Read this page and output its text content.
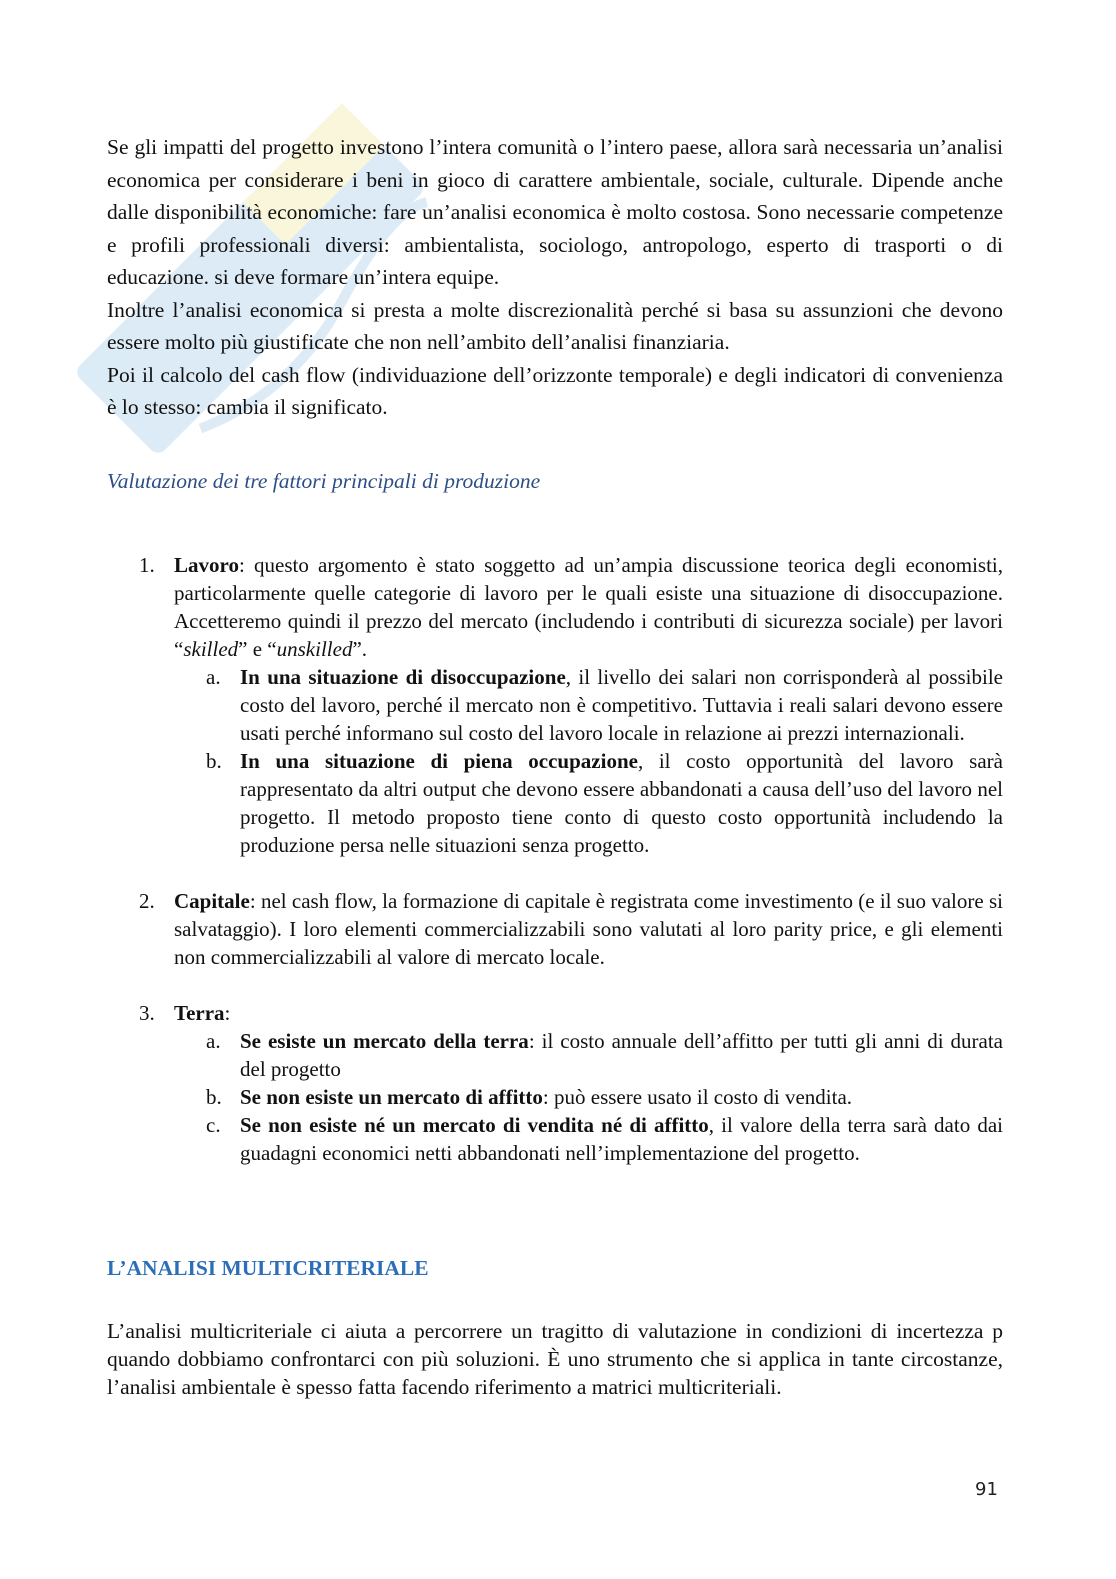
Se gli impatti del progetto investono l’intera comunità o l’intero paese, allora sarà necessaria un’analisi economica per considerare i beni in gioco di carattere ambientale, sociale, culturale. Dipende anche dalle disponibilità economiche: fare un’analisi economica è molto costosa. Sono necessarie competenze e profili professionali diversi: ambientalista, sociologo, antropologo, esperto di trasporti o di educazione. si deve formare un’intera equipe.

Inoltre l’analisi economica si presta a molte discrezionalità perché si basa su assunzioni che devono essere molto più giustificate che non nell’ambito dell’analisi finanziaria.

Poi il calcolo del cash flow (individuazione dell’orizzonte temporale) e degli indicatori di convenienza è lo stesso: cambia il significato.

Valutazione dei tre fattori principali di produzione

1. Lavoro: questo argomento è stato soggetto ad un’ampia discussione teorica degli economisti, particolarmente quelle categorie di lavoro per le quali esiste una situazione di disoccupazione. Accetteremo quindi il prezzo del mercato (includendo i contributi di sicurezza sociale) per lavori “skilled” e “unskilled”.
a. In una situazione di disoccupazione, il livello dei salari non corrisponderà al possibile costo del lavoro, perché il mercato non è competitivo. Tuttavia i reali salari devono essere usati perché informano sul costo del lavoro locale in relazione ai prezzi internazionali.
b. In una situazione di piena occupazione, il costo opportunità del lavoro sarà rappresentato da altri output che devono essere abbandonati a causa dell’uso del lavoro nel progetto. Il metodo proposto tiene conto di questo costo opportunità includendo la produzione persa nelle situazioni senza progetto.
2. Capitale: nel cash flow, la formazione di capitale è registrata come investimento (e il suo valore si salvataggio). I loro elementi commercializzabili sono valutati al loro parity price, e gli elementi non commercializzabili al valore di mercato locale.
3. Terra:
a. Se esiste un mercato della terra: il costo annuale dell’affitto per tutti gli anni di durata del progetto
b. Se non esiste un mercato di affitto: può essere usato il costo di vendita.
c. Se non esiste né un mercato di vendita né di affitto, il valore della terra sarà dato dai guadagni economici netti abbandonati nell’implementazione del progetto.

L’ANALISI MULTICRITERIALE

L’analisi multicriteriale ci aiuta a percorrere un tragitto di valutazione in condizioni di incertezza p quando dobbiamo confrontarci con più soluzioni. È uno strumento che si applica in tante circostanze, l’analisi ambientale è spesso fatta facendo riferimento a matrici multicriteriali.

91
